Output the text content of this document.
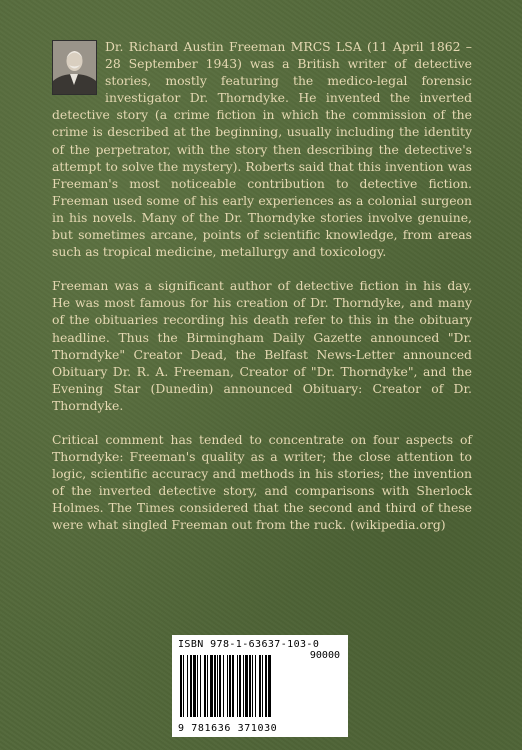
Dr. Richard Austin Freeman MRCS LSA (11 April 1862 – 28 September 1943) was a British writer of detective stories, mostly featuring the medico-legal forensic investigator Dr. Thorndyke. He invented the inverted detective story (a crime fiction in which the commission of the crime is described at the beginning, usually including the identity of the perpetrator, with the story then describing the detective's attempt to solve the mystery). Roberts said that this invention was Freeman's most noticeable contribution to detective fiction. Freeman used some of his early experiences as a colonial surgeon in his novels. Many of the Dr. Thorndyke stories involve genuine, but sometimes arcane, points of scientific knowledge, from areas such as tropical medicine, metallurgy and toxicology.

Freeman was a significant author of detective fiction in his day. He was most famous for his creation of Dr. Thorndyke, and many of the obituaries recording his death refer to this in the obituary headline. Thus the Birmingham Daily Gazette announced "Dr. Thorndyke" Creator Dead, the Belfast News-Letter announced Obituary Dr. R. A. Freeman, Creator of "Dr. Thorndyke", and the Evening Star (Dunedin) announced Obituary: Creator of Dr. Thorndyke.

Critical comment has tended to concentrate on four aspects of Thorndyke: Freeman's quality as a writer; the close attention to logic, scientific accuracy and methods in his stories; the invention of the inverted detective story, and comparisons with Sherlock Holmes. The Times considered that the second and third of these were what singled Freeman out from the ruck. (wikipedia.org)

ISBN 978-1-63637-103-0
90000
9 781636 371030
